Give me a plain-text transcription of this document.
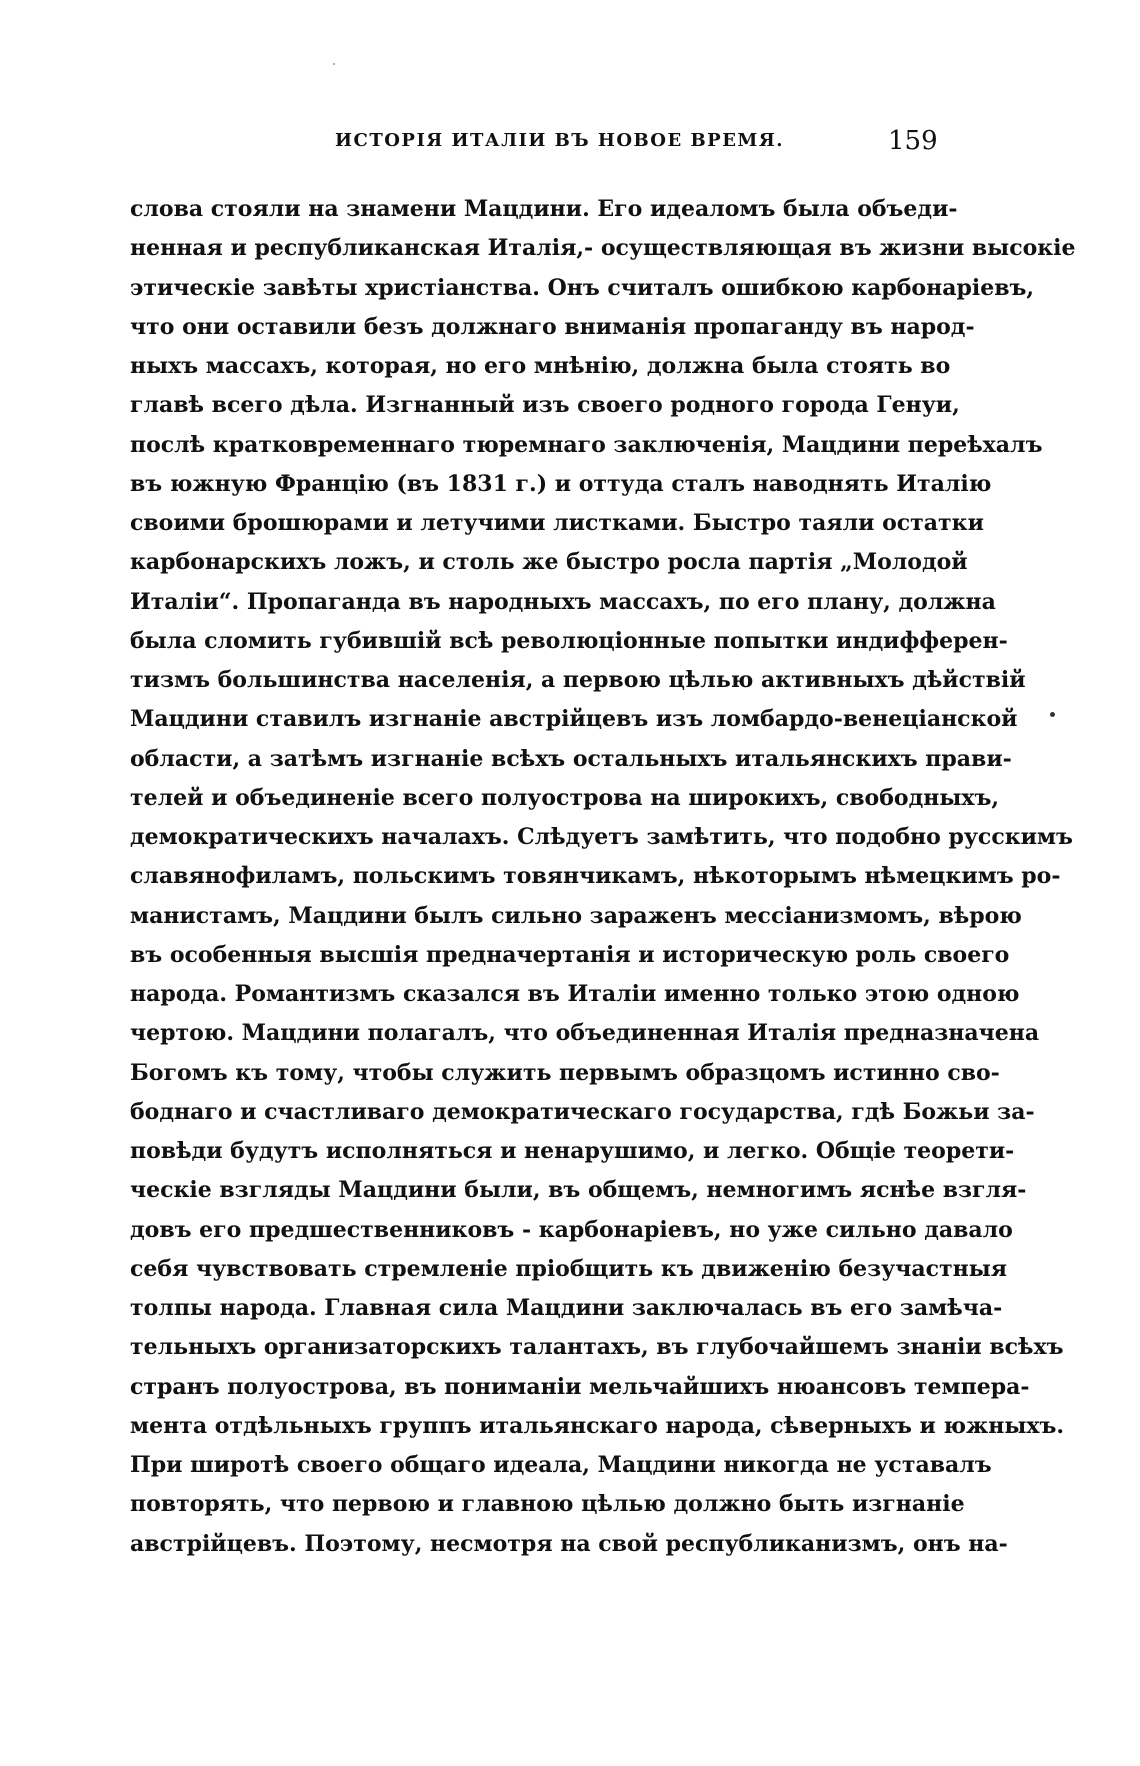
ИСТОРІЯ ИТАЛІИ ВЪ НОВОЕ ВРЕМЯ.	159
слова стояли на знамени Мацдини. Его идеаломъ была объеди-
ненная и республиканская Италія,- осуществляющая въ жизни высокіе
этическіе завѣты христіанства. Онъ считалъ ошибкою карбонаріевъ,
что они оставили безъ должнаго вниманія пропаганду въ народ-
ныхъ массахъ, которая, но его мнѣнію, должна была стоять во
главѣ всего дѣла. Изгнанный изъ своего родного города Генуи,
послѣ кратковременнаго тюремнаго заключенія, Мацдини переѣхалъ
въ южную Францію (въ 1831 г.) и оттуда сталъ наводнять Италію
своими брошюрами и летучими листками. Быстро таяли остатки
карбонарскихъ ложъ, и столь же быстро росла партія „Молодой
Италіи“. Пропаганда въ народныхъ массахъ, по его плану, должна
была сломить губившій всѣ революціонные попытки индифферен-
тизмъ большинства населенія, а первою цѣлью активныхъ дѣйствій
Мацдини ставилъ изгнаніе австрійцевъ изъ ломбардо-венеціанской
области, а затѣмъ изгнаніе всѣхъ остальныхъ итальянскихъ прави-
телей и объединеніе всего полуострова на широкихъ, свободныхъ,
демократическихъ началахъ. Слѣдуетъ замѣтить, что подобно русскимъ
славянофиламъ, польскимъ товянчикамъ, нѣкоторымъ нѣмецкимъ ро-
манистамъ, Мацдини былъ сильно зараженъ мессіанизмомъ, вѣрою
въ особенныя высшія предначертанія и историческую роль своего
народа. Романтизмъ сказался въ Италіи именно только этою одною
чертою. Мацдини полагалъ, что объединенная Италія предназначена
Богомъ къ тому, чтобы служить первымъ образцомъ истинно сво-
боднаго и счастливаго демократическаго государства, гдѣ Божьи за-
повѣди будутъ исполняться и ненарушимо, и легко. Общіе теорети-
ческіе взгляды Мацдини были, въ общемъ, немногимъ яснѣе взгля-
довъ его предшественниковъ - карбонаріевъ, но уже сильно давало
себя чувствовать стремленіе пріобщить къ движенію безучастныя
толпы народа. Главная сила Мацдини заключалась въ его замѣча-
тельныхъ организаторскихъ талантахъ, въ глубочайшемъ знаніи всѣхъ
странъ полуострова, въ пониманіи мельчайшихъ нюансовъ темпера-
мента отдѣльныхъ группъ итальянскаго народа, сѣверныхъ и южныхъ.
При широтѣ своего общаго идеала, Мацдини никогда не уставалъ
повторять, что первою и главною цѣлью должно быть изгнаніе
австрійцевъ. Поэтому, несмотря на свой республиканизмъ, онъ на-
